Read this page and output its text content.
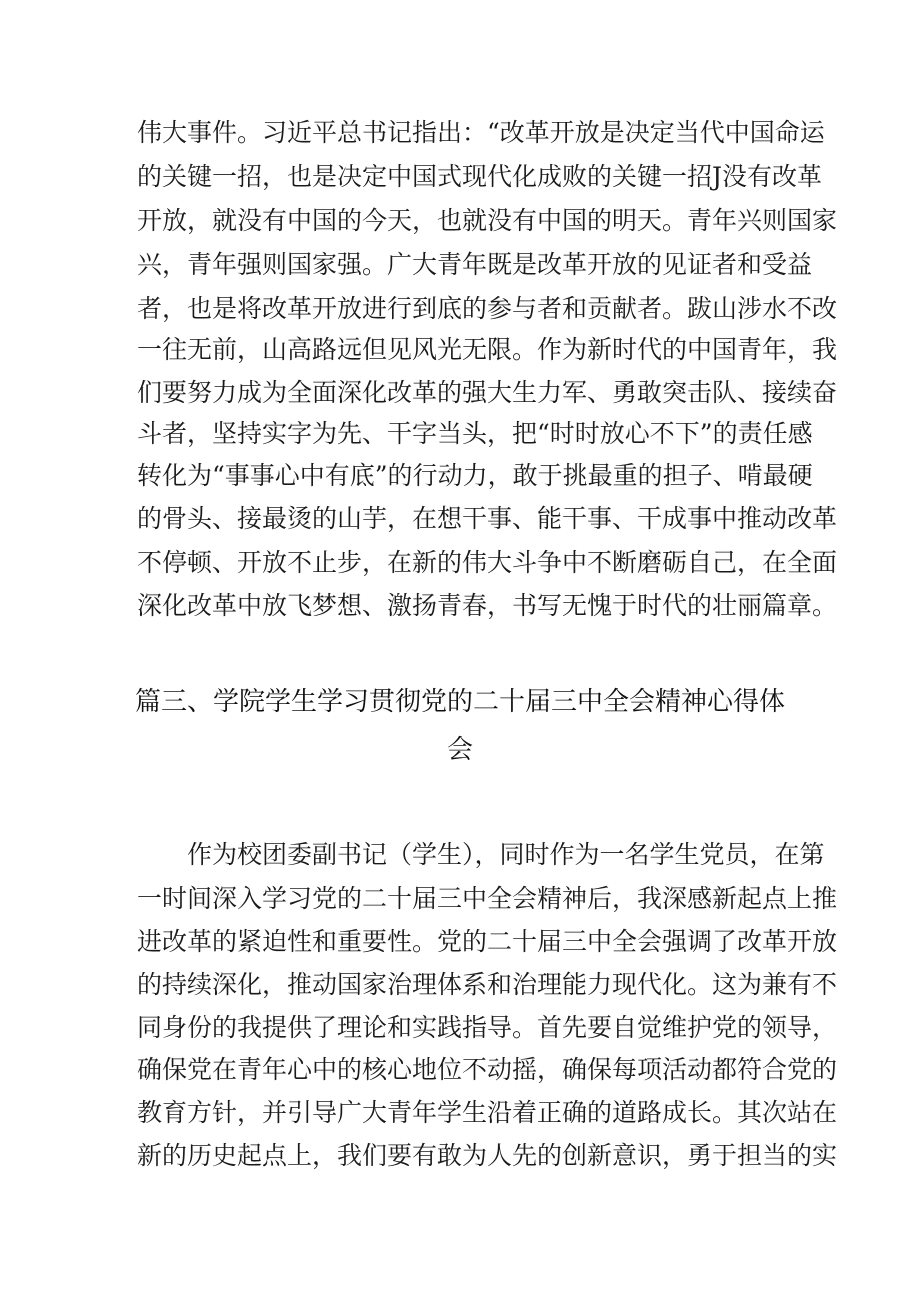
伟大事件。习近平总书记指出：“改革开放是决定当代中国命运
的关键一招，也是决定中国式现代化成败的关键一招J没有改革
开放，就没有中国的今天，也就没有中国的明天。青年兴则国家
兴，青年强则国家强。广大青年既是改革开放的见证者和受益
者，也是将改革开放进行到底的参与者和贡献者。跋山涉水不改
一往无前，山高路远但见风光无限。作为新时代的中国青年，我
们要努力成为全面深化改革的强大生力军、勇敢突击队、接续奋
斗者，坚持实字为先、干字当头，把“时时放心不下”的责任感
转化为“事事心中有底”的行动力，敢于挑最重的担子、啃最硬
的骨头、接最烫的山芋，在想干事、能干事、干成事中推动改革
不停顿、开放不止步，在新的伟大斗争中不断磨砺自己，在全面
深化改革中放飞梦想、激扬青春，书写无愧于时代的壮丽篇章。
篇三、学院学生学习贯彻党的二十届三中全会精神心得体
会
作为校团委副书记（学生），同时作为一名学生党员，在第
一时间深入学习党的二十届三中全会精神后，我深感新起点上推
进改革的紧迫性和重要性。党的二十届三中全会强调了改革开放
的持续深化，推动国家治理体系和治理能力现代化。这为兼有不
同身份的我提供了理论和实践指导。首先要自觉维护党的领导，
确保党在青年心中的核心地位不动摇，确保每项活动都符合党的
教育方针，并引导广大青年学生沿着正确的道路成长。其次站在
新的历史起点上，我们要有敢为人先的创新意识，勇于担当的实
